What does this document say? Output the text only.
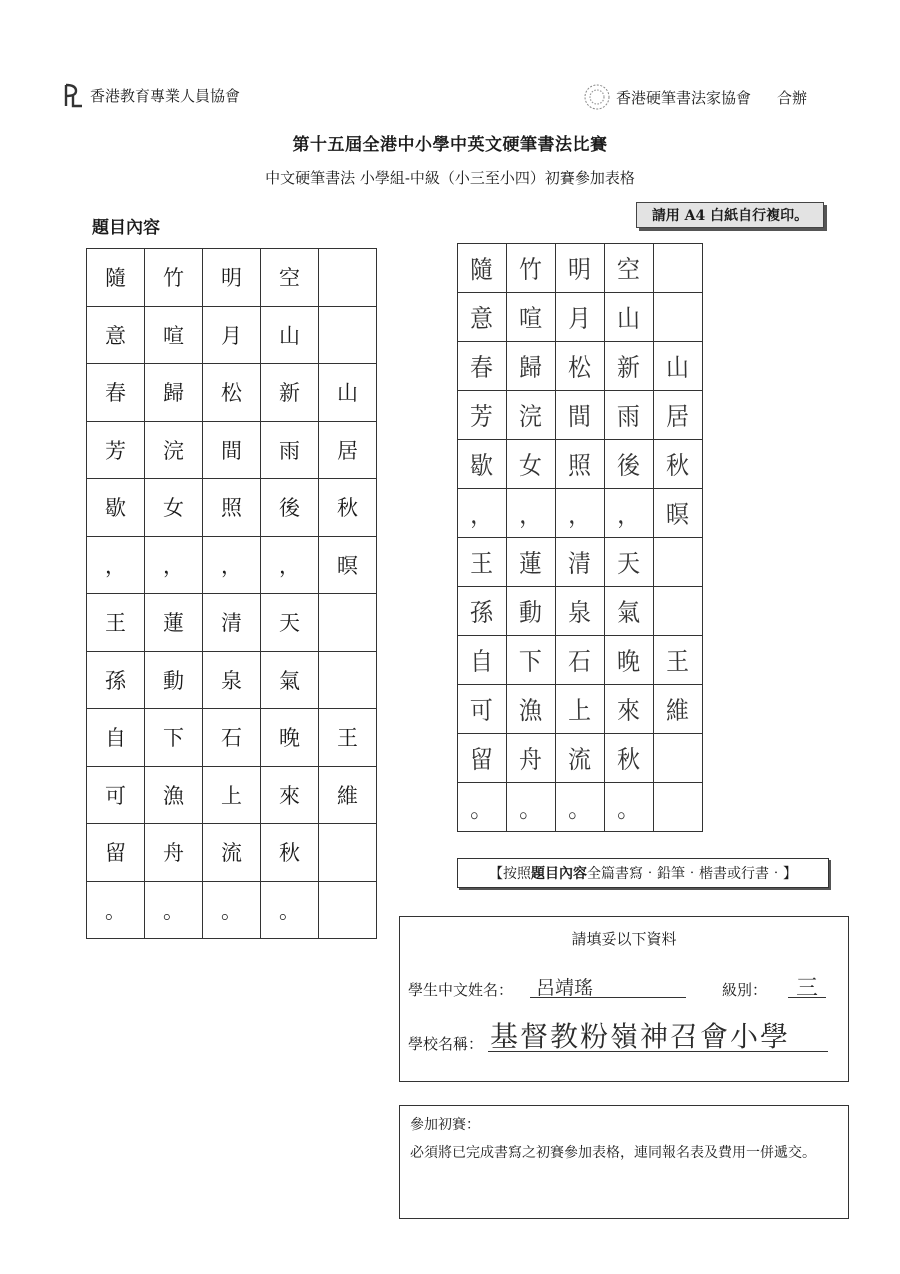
香港教育專業人員協會	香港硬筆書法家協會 合辦
第十五屆全港中小學中英文硬筆書法比賽
中文硬筆書法 小學組-中級（小三至小四）初賽參加表格
請用 A4 白紙自行複印。
題目內容
隨	竹	明	空	
意	喧	月	山	
春	歸	松	新	山
芳	浣	間	雨	居
歇	女	照	後	秋
，	，	，	，	暝
王	蓮	清	天	
孫	動	泉	氣	
自	下	石	晚	王
可	漁	上	來	維
留	舟	流	秋	
。	。	。	。	
隨	竹	明	空	
意	喧	月	山	
春	歸	松	新	山
芳	浣	間	雨	居
歇	女	照	後	秋
，	，	，	，	暝
王	蓮	清	天	
孫	動	泉	氣	
自	下	石	晚	王
可	漁	上	來	維
留	舟	流	秋	
。	。	。	。	
【按照 題目內容 全篇書寫‧鉛筆‧楷書或行書‧】
請填妥以下資料
學生中文姓名： 呂靖瑤	級別： 三
學校名稱： 基督教粉嶺神召會小學
參加初賽：
必須將已完成書寫之初賽參加表格，連同報名表及費用一併遞交。
